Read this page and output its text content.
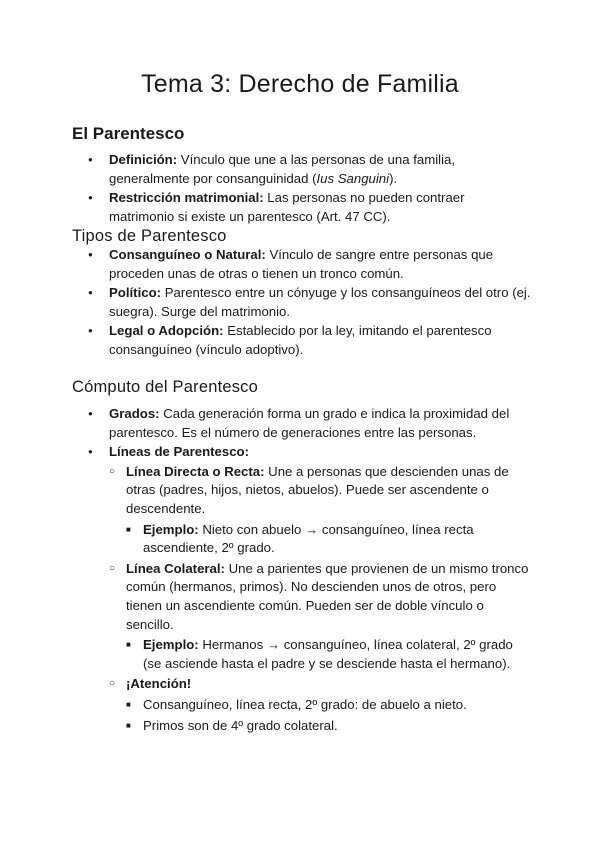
Tema 3: Derecho de Familia
El Parentesco
● Definición: Vínculo que une a las personas de una familia, generalmente por consanguinidad (Ius Sanguini).
● Restricción matrimonial: Las personas no pueden contraer matrimonio si existe un parentesco (Art. 47 CC).
Tipos de Parentesco
● Consanguíneo o Natural: Vínculo de sangre entre personas que proceden unas de otras o tienen un tronco común.
● Político: Parentesco entre un cónyuge y los consanguíneos del otro (ej. suegra). Surge del matrimonio.
● Legal o Adopción: Establecido por la ley, imitando el parentesco consanguíneo (vínculo adoptivo).
Cómputo del Parentesco
● Grados: Cada generación forma un grado e indica la proximidad del parentesco. Es el número de generaciones entre las personas.
● Líneas de Parentesco:
○ Línea Directa o Recta: Une a personas que descienden unas de otras (padres, hijos, nietos, abuelos). Puede ser ascendente o descendente.
■ Ejemplo: Nieto con abuelo → consanguíneo, línea recta ascendiente, 2º grado.
○ Línea Colateral: Une a parientes que provienen de un mismo tronco común (hermanos, primos). No descienden unos de otros, pero tienen un ascendiente común. Pueden ser de doble vínculo o sencillo.
■ Ejemplo: Hermanos → consanguíneo, línea colateral, 2º grado (se asciende hasta el padre y se desciende hasta el hermano).
○ ¡Atención!
■ Consanguíneo, línea recta, 2º grado: de abuelo a nieto.
■ Primos son de 4º grado colateral.
